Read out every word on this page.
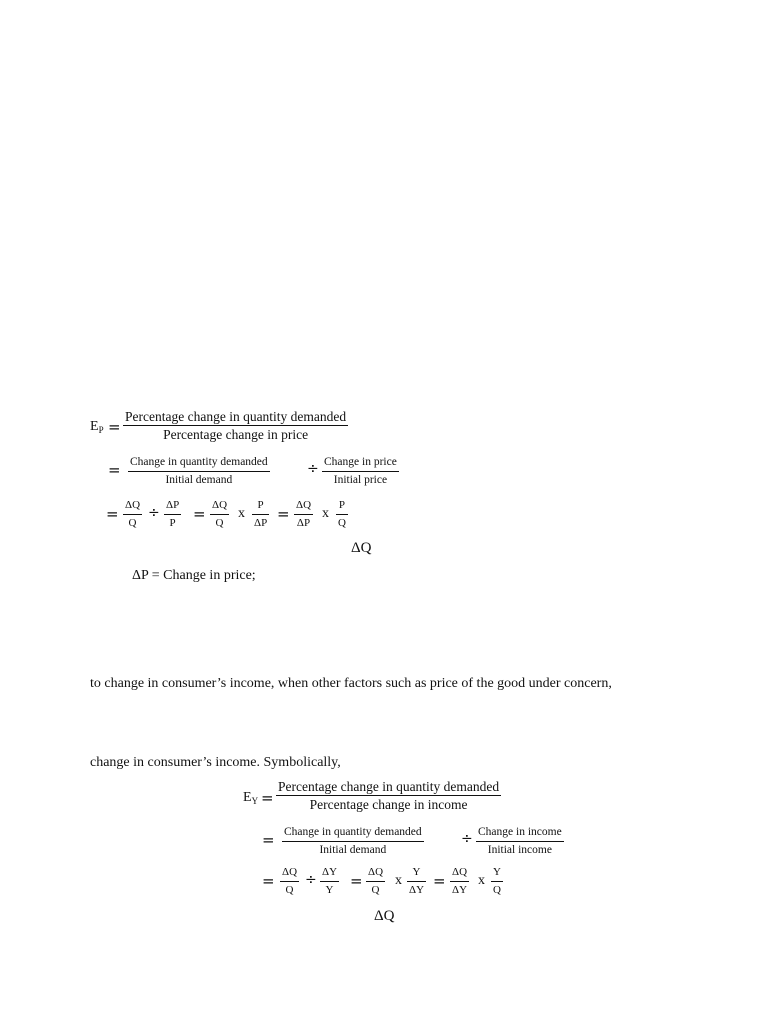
$E_P$ =
Percentage change in quantity demanded
Percentage change in price
= Change in quantity demanded
Initial demand
÷ Change in price
Initial price
= ΔQ
Q
÷ ΔP
P = ΔQ
Q
x
P
ΔP = ΔQ
ΔP
x
P
Q
ΔQ
ΔP = Change in price;
to change in consumer’s income, when other factors such as price of the good under concern,
change in consumer’s income. Symbolically,
$E_Y$ =
Percentage change in quantity demanded
Percentage change in income
= Change in quantity demanded
Initial demand
÷ Change in income
Initial income
= ΔQ
Q
÷ ΔY
Y = ΔQ
Q
x
Y
ΔY = ΔQ
ΔY
x
Y
Q
ΔQ
